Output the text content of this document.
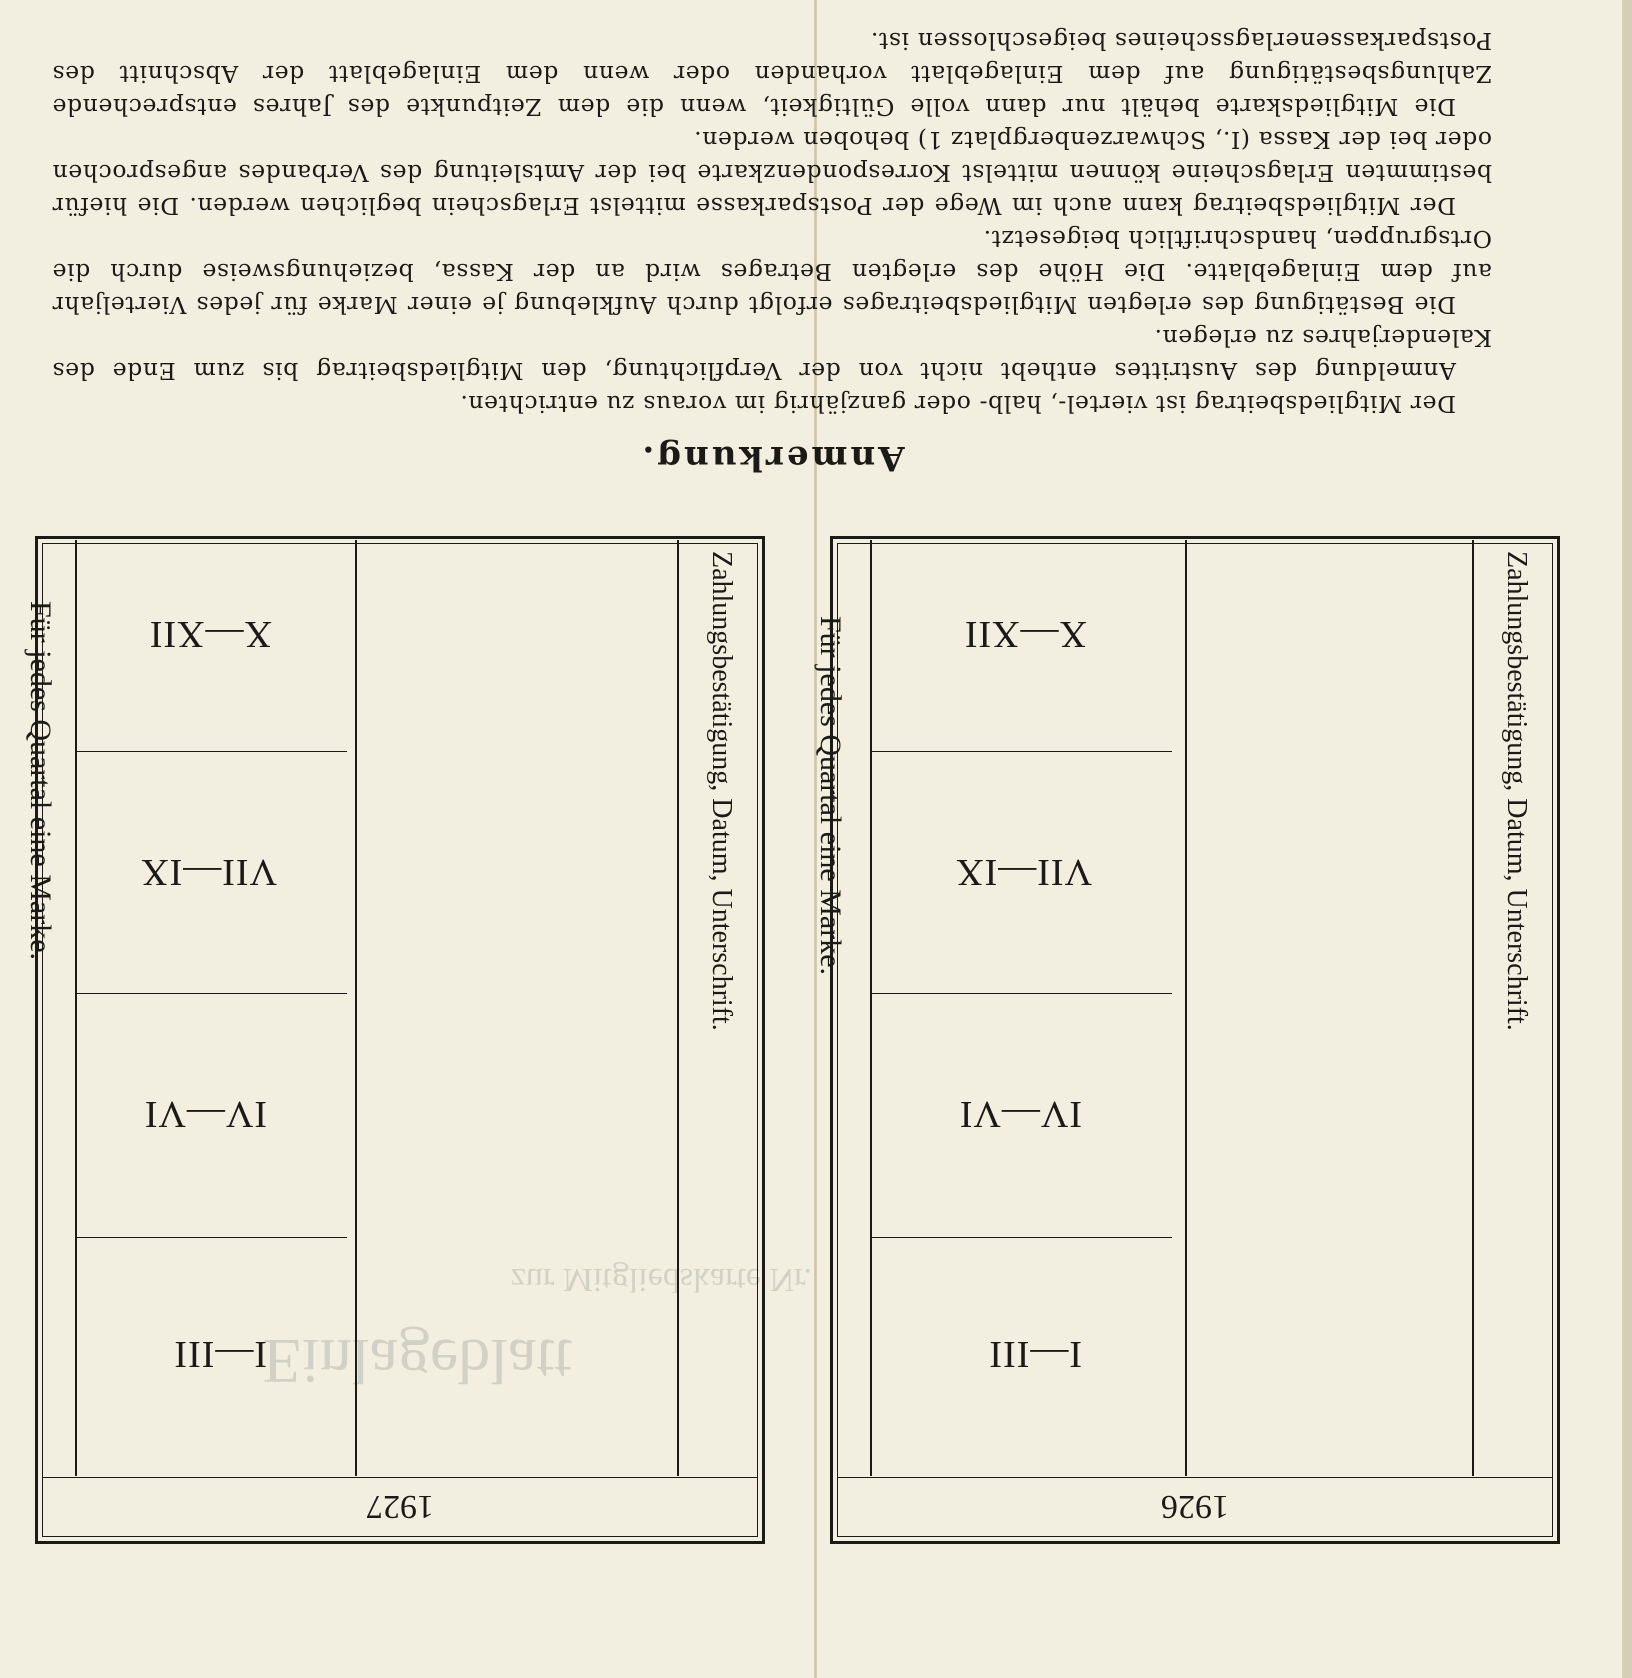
Einlageblatt
zur Mitgliedskarte Nr.
Anmerkung.

Der Mitgliedsbeitrag ist viertel-, halb- oder ganzjährig im voraus zu entrichten.

Anmeldung des Austrittes enthebt nicht von der Verpflichtung, den Mitgliedsbeitrag bis zum Ende des Kalenderjahres zu erlegen.

Die Bestätigung des erlegten Mitgliedsbeitrages erfolgt durch Aufklebung je einer Marke für jedes Vierteljahr auf dem Einlageblatte. Die Höhe des erlegten Betrages wird an der Kassa, beziehungsweise durch die Ortsgruppen, handschriftlich beigesetzt.

Der Mitgliedsbeitrag kann auch im Wege der Postsparkasse mittelst Erlagschein beglichen werden. Die hiefür bestimmten Erlagscheine können mittelst Korrespondenzkarte bei der Amtsleitung des Verbandes angesprochen oder bei der Kassa (I., Schwarzenbergplatz 1) behoben werden.

Die Mitgliedskarte behält nur dann volle Gültigkeit, wenn die dem Zeitpunkte des Jahres entsprechende Zahlungsbestätigung auf dem Einlageblatt vorhanden oder wenn dem Einlageblatt der Abschnitt des Postsparkassenerlagsscheines beigeschlossen ist.

1926
Zahlungsbestätigung, Datum, Unterschrift.
I—III
IV—VI
VII—IX
X—XII
Für jedes Quartal eine Marke.
1927
Zahlungsbestätigung, Datum, Unterschrift.
I—III
IV—VI
VII—IX
X—XII
Für jedes Quartal eine Marke.
